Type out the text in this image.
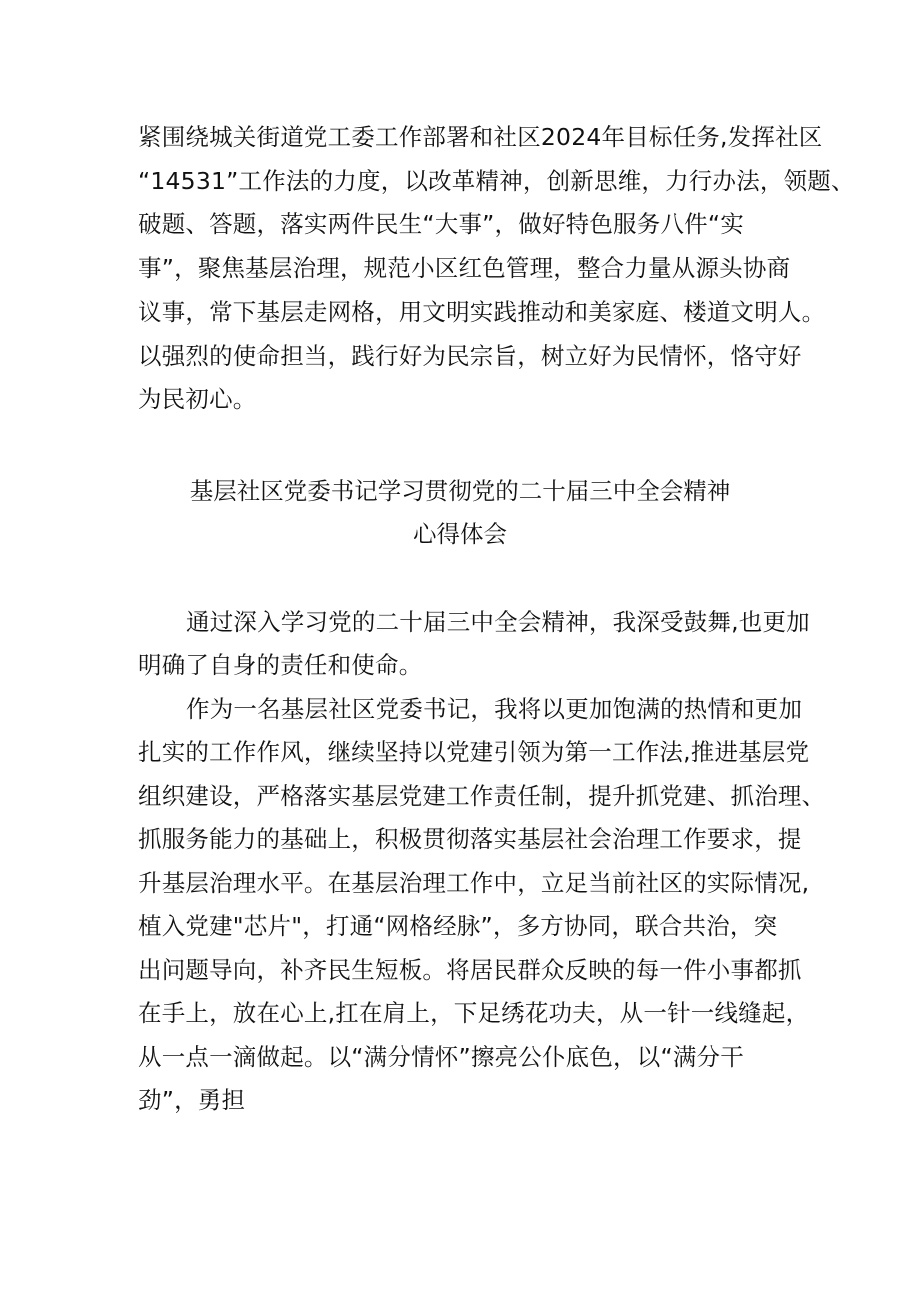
紧围绕城关街道党工委工作部署和社区2024年目标任务,发挥社区

“14531”工作法的力度，以改革精神，创新思维，力行办法，领题、

破题、答题，落实两件民生“大事”，做好特色服务八件“实

事”，聚焦基层治理，规范小区红色管理，整合力量从源头协商

议事，常下基层走网格，用文明实践推动和美家庭、楼道文明人。

以强烈的使命担当，践行好为民宗旨，树立好为民情怀，恪守好

为民初心。

基层社区党委书记学习贯彻党的二十届三中全会精神
心得体会

通过深入学习党的二十届三中全会精神，我深受鼓舞,也更加

明确了自身的责任和使命。

作为一名基层社区党委书记，我将以更加饱满的热情和更加

扎实的工作作风，继续坚持以党建引领为第一工作法,推进基层党

组织建设，严格落实基层党建工作责任制，提升抓党建、抓治理、

抓服务能力的基础上，积极贯彻落实基层社会治理工作要求，提

升基层治理水平。在基层治理工作中，立足当前社区的实际情况,

植入党建"芯片"，打通“网格经脉”，多方协同，联合共治，突

出问题导向，补齐民生短板。将居民群众反映的每一件小事都抓

在手上，放在心上,扛在肩上，下足绣花功夫，从一针一线缝起，

从一点一滴做起。以“满分情怀”擦亮公仆底色，以“满分干

劲”，勇担
